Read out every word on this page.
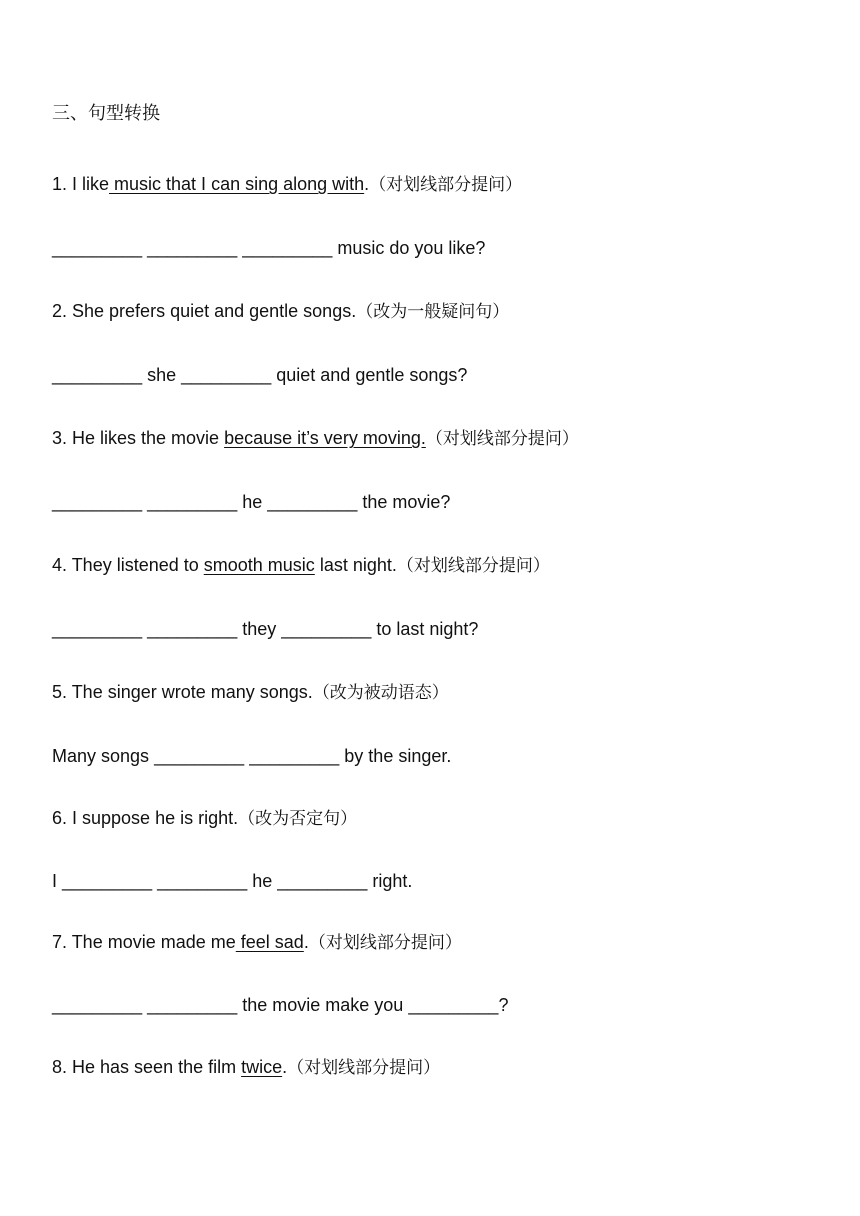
三、句型转换
1. I like music that I can sing along with.（对划线部分提问）
_________ _________ _________ music do you like?
2. She prefers quiet and gentle songs.（改为一般疑问句）
_________ she _________ quiet and gentle songs?
3. He likes the movie because it’s very moving.（对划线部分提问）
_________ _________ he _________ the movie?
4. They listened to smooth music last night.（对划线部分提问）
_________ _________ they _________ to last night?
5. The singer wrote many songs.（改为被动语态）
Many songs _________ _________ by the singer.
6. I suppose he is right.（改为否定句）
I _________ _________ he _________ right.
7. The movie made me feel sad.（对划线部分提问）
_________ _________ the movie make you _________?
8. He has seen the film twice.（对划线部分提问）
